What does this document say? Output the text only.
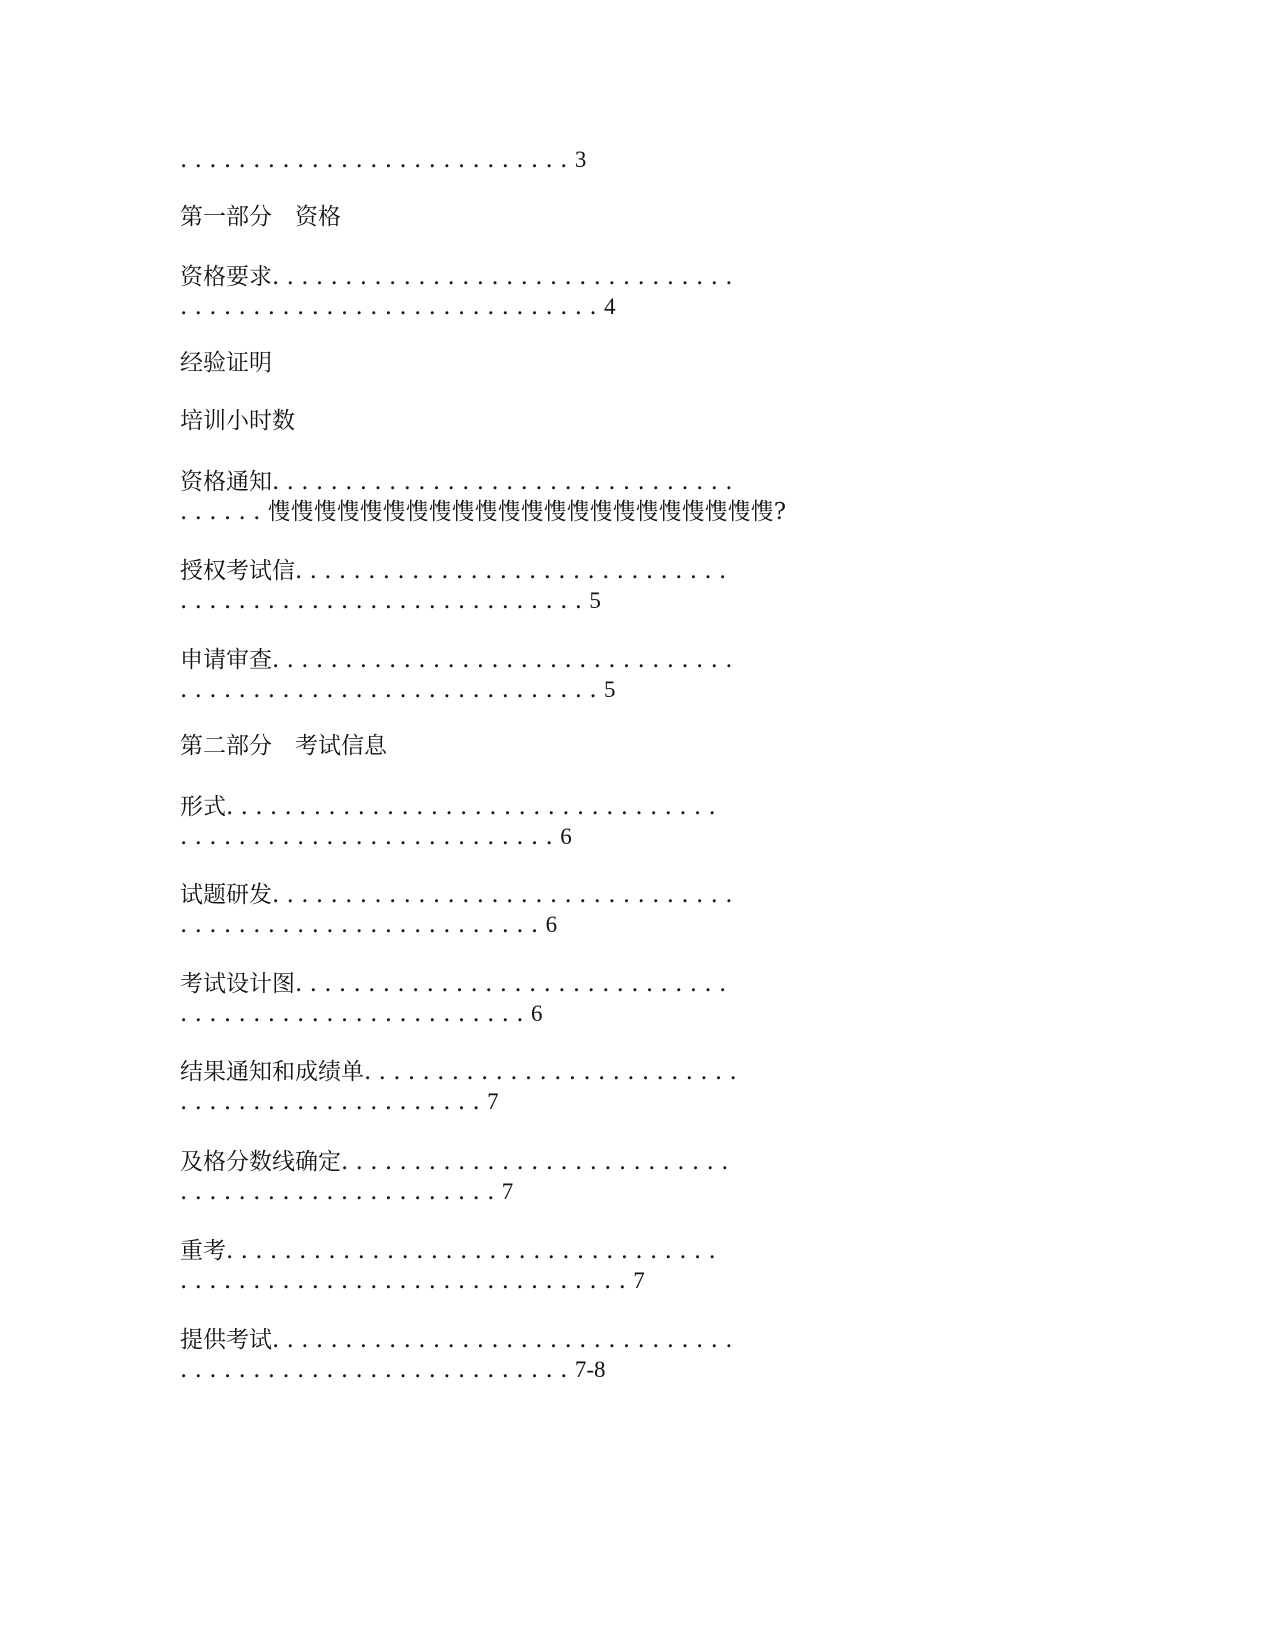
. . . . . . . . . . . . . . . . . . . . . . . . . . . 3
第一部分　资格
资格要求. . . . . . . . . . . . . . . . . . . . . . . . . . . . . . . .
. . . . . . . . . . . . . . . . . . . . . . . . . . . . . 4
经验证明
培训小时数
资格通知. . . . . . . . . . . . . . . . . . . . . . . . . . . . . . . .
. . . . . . 愯愯愯愯愯愯愯愯愯愯愯愯愯愯愯愯愯愯愯愯愯愯?
授权考试信. . . . . . . . . . . . . . . . . . . . . . . . . . . . . .
. . . . . . . . . . . . . . . . . . . . . . . . . . . . 5
申请审查. . . . . . . . . . . . . . . . . . . . . . . . . . . . . . . .
. . . . . . . . . . . . . . . . . . . . . . . . . . . . . 5
第二部分　考试信息
形式. . . . . . . . . . . . . . . . . . . . . . . . . . . . . . . . . .
. . . . . . . . . . . . . . . . . . . . . . . . . . 6
试题研发. . . . . . . . . . . . . . . . . . . . . . . . . . . . . . . .
. . . . . . . . . . . . . . . . . . . . . . . . . 6
考试设计图. . . . . . . . . . . . . . . . . . . . . . . . . . . . . .
. . . . . . . . . . . . . . . . . . . . . . . . 6
结果通知和成绩单. . . . . . . . . . . . . . . . . . . . . . . . . .
. . . . . . . . . . . . . . . . . . . . . 7
及格分数线确定. . . . . . . . . . . . . . . . . . . . . . . . . . .
. . . . . . . . . . . . . . . . . . . . . . 7
重考. . . . . . . . . . . . . . . . . . . . . . . . . . . . . . . . . .
. . . . . . . . . . . . . . . . . . . . . . . . . . . . . . . 7
提供考试. . . . . . . . . . . . . . . . . . . . . . . . . . . . . . . .
. . . . . . . . . . . . . . . . . . . . . . . . . . . 7-8
